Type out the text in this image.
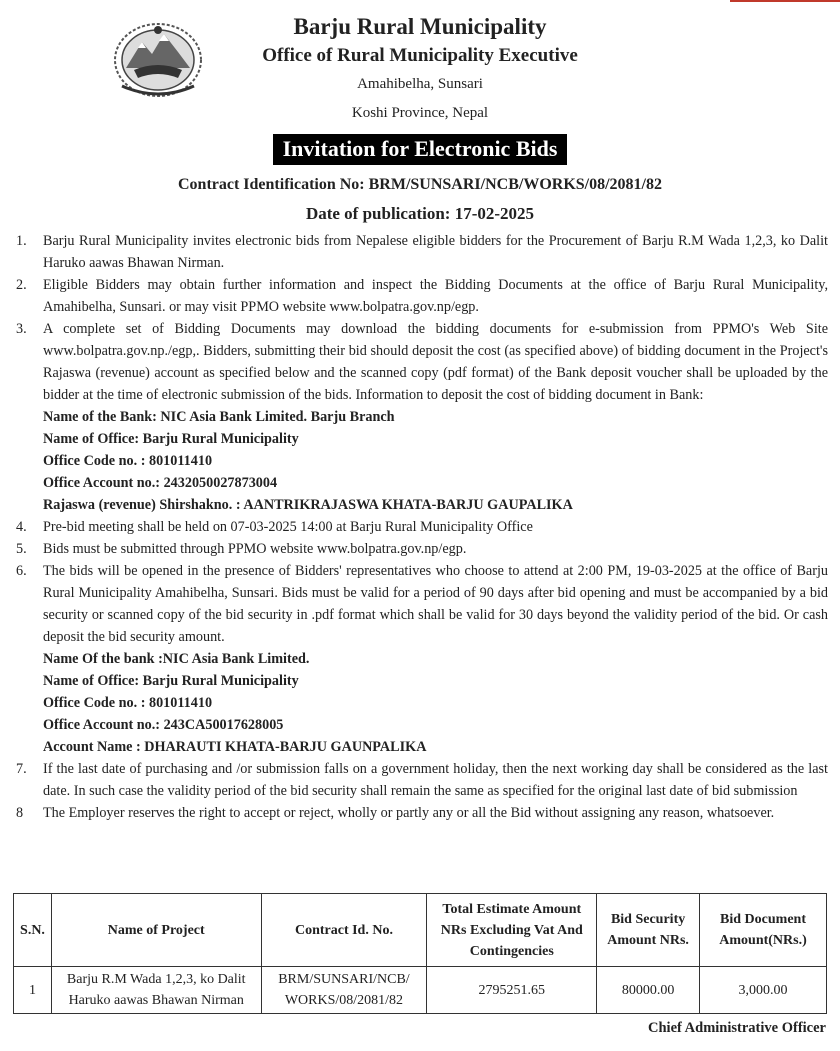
Barju Rural Municipality
Office of Rural Municipality Executive
Amahibelha, Sunsari
Koshi Province, Nepal
Invitation for Electronic Bids
Contract Identification No: BRM/SUNSARI/NCB/WORKS/08/2081/82
Date of publication: 17-02-2025
1.	Barju Rural Municipality invites electronic bids from Nepalese eligible bidders for the Procurement of Barju R.M Wada 1,2,3, ko Dalit Haruko aawas Bhawan Nirman.
2.	Eligible Bidders may obtain further information and inspect the Bidding Documents at the office of Barju Rural Municipality, Amahibelha, Sunsari. or may visit PPMO website www.bolpatra.gov.np/egp.
3.	A complete set of Bidding Documents may download the bidding documents for e-submission from PPMO's Web Site www.bolpatra.gov.np./egp,. Bidders, submitting their bid should deposit the cost (as specified above) of bidding document in the Project's Rajaswa (revenue) account as specified below and the scanned copy (pdf format) of the Bank deposit voucher shall be uploaded by the bidder at the time of electronic submission of the bids. Information to deposit the cost of bidding document in Bank:
Name of the Bank: NIC Asia Bank Limited. Barju Branch
Name of Office: Barju Rural Municipality
Office Code no. : 801011410
Office Account no.: 2432050027873004
Rajaswa (revenue) Shirshakno. : AANTRIKRAJASWA KHATA-BARJU GAUPALIKA
4.	Pre-bid meeting shall be held on 07-03-2025 14:00 at Barju Rural Municipality Office
5.	Bids must be submitted through PPMO website www.bolpatra.gov.np/egp.
6.	The bids will be opened in the presence of Bidders' representatives who choose to attend at 2:00 PM, 19-03-2025 at the office of Barju Rural Municipality Amahibelha, Sunsari. Bids must be valid for a period of 90 days after bid opening and must be accompanied by a bid security or scanned copy of the bid security in .pdf format which shall be valid for 30 days beyond the validity period of the bid. Or cash deposit the bid security amount.
Name Of the bank :NIC Asia Bank Limited.
Name of Office: Barju Rural Municipality
Office Code no. : 801011410
Office Account no.: 243CA50017628005
Account Name : DHARAUTI KHATA-BARJU GAUNPALIKA
7.	If the last date of purchasing and /or submission falls on a government holiday, then the next working day shall be considered as the last date. In such case the validity period of the bid security shall remain the same as specified for the original last date of bid submission
8	The Employer reserves the right to accept or reject, wholly or partly any or all the Bid without assigning any reason, whatsoever.
S.N.	Name of Project	Contract Id. No.	Total Estimate Amount NRs Excluding Vat And Contingencies	Bid Security Amount NRs.	Bid Document Amount(NRs.)
1	Barju R.M Wada 1,2,3, ko Dalit Haruko aawas Bhawan Nirman	BRM/SUNSARI/NCB/ WORKS/08/2081/82	2795251.65	80000.00	3,000.00
Chief Administrative Officer
